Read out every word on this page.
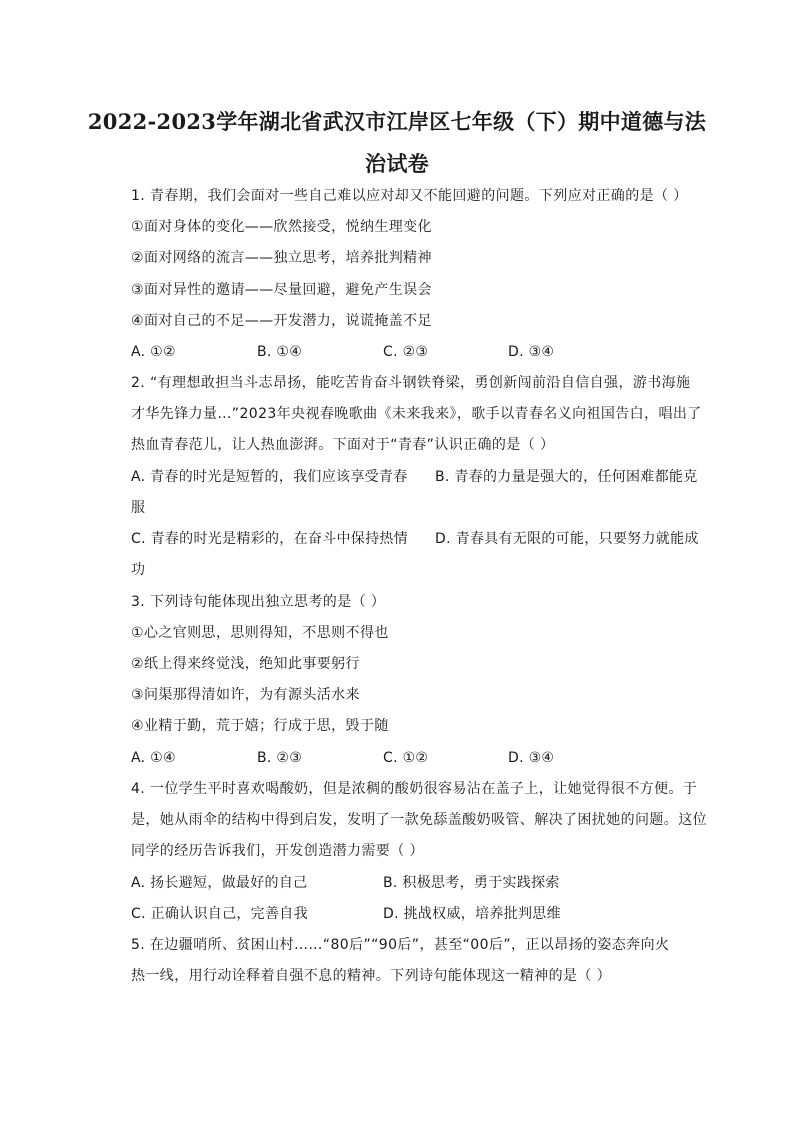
2022-2023学年湖北省武汉市江岸区七年级（下）期中道德与法
治试卷
1. 青春期，我们会面对一些自己难以应对却又不能回避的问题。下列应对正确的是（ ）
①面对身体的变化——欣然接受，悦纳生理变化
②面对网络的流言——独立思考，培养批判精神
③面对异性的邀请——尽量回避，避免产生误会
④面对自己的不足——开发潜力，说谎掩盖不足
A. ①②	B. ①④	C. ②③	D. ③④
2. “有理想敢担当斗志昂扬，能吃苦肯奋斗钢铁脊梁，勇创新闯前沿自信自强，游书海施
才华先锋力量…”2023年央视春晚歌曲《未来我来》，歌手以青春名义向祖国告白，唱出了
热血青春范儿，让人热血澎湃。下面对于“青春”认识正确的是（ ）
A. 青春的时光是短暂的，我们应该享受青春 B. 青春的力量是强大的，任何困难都能克
服
C. 青春的时光是精彩的，在奋斗中保持热情 D. 青春具有无限的可能，只要努力就能成
功
3. 下列诗句能体现出独立思考的是（ ）
①心之官则思，思则得知，不思则不得也
②纸上得来终觉浅，绝知此事要躬行
③问渠那得清如许，为有源头活水来
④业精于勤，荒于嬉；行成于思，毁于随
A. ①④	B. ②③	C. ①②	D. ③④
4. 一位学生平时喜欢喝酸奶，但是浓稠的酸奶很容易沾在盖子上，让她觉得很不方便。于
是，她从雨伞的结构中得到启发，发明了一款免舔盖酸奶吸管、解决了困扰她的问题。这位
同学的经历告诉我们，开发创造潜力需要（ ）
A. 扬长避短，做最好的自己	B. 积极思考，勇于实践探索
C. 正确认识自己，完善自我	D. 挑战权威，培养批判思维
5. 在边疆哨所、贫困山村……“80后”“90后”，甚至“00后”，正以昂扬的姿态奔向火
热一线，用行动诠释着自强不息的精神。下列诗句能体现这一精神的是（ ）
